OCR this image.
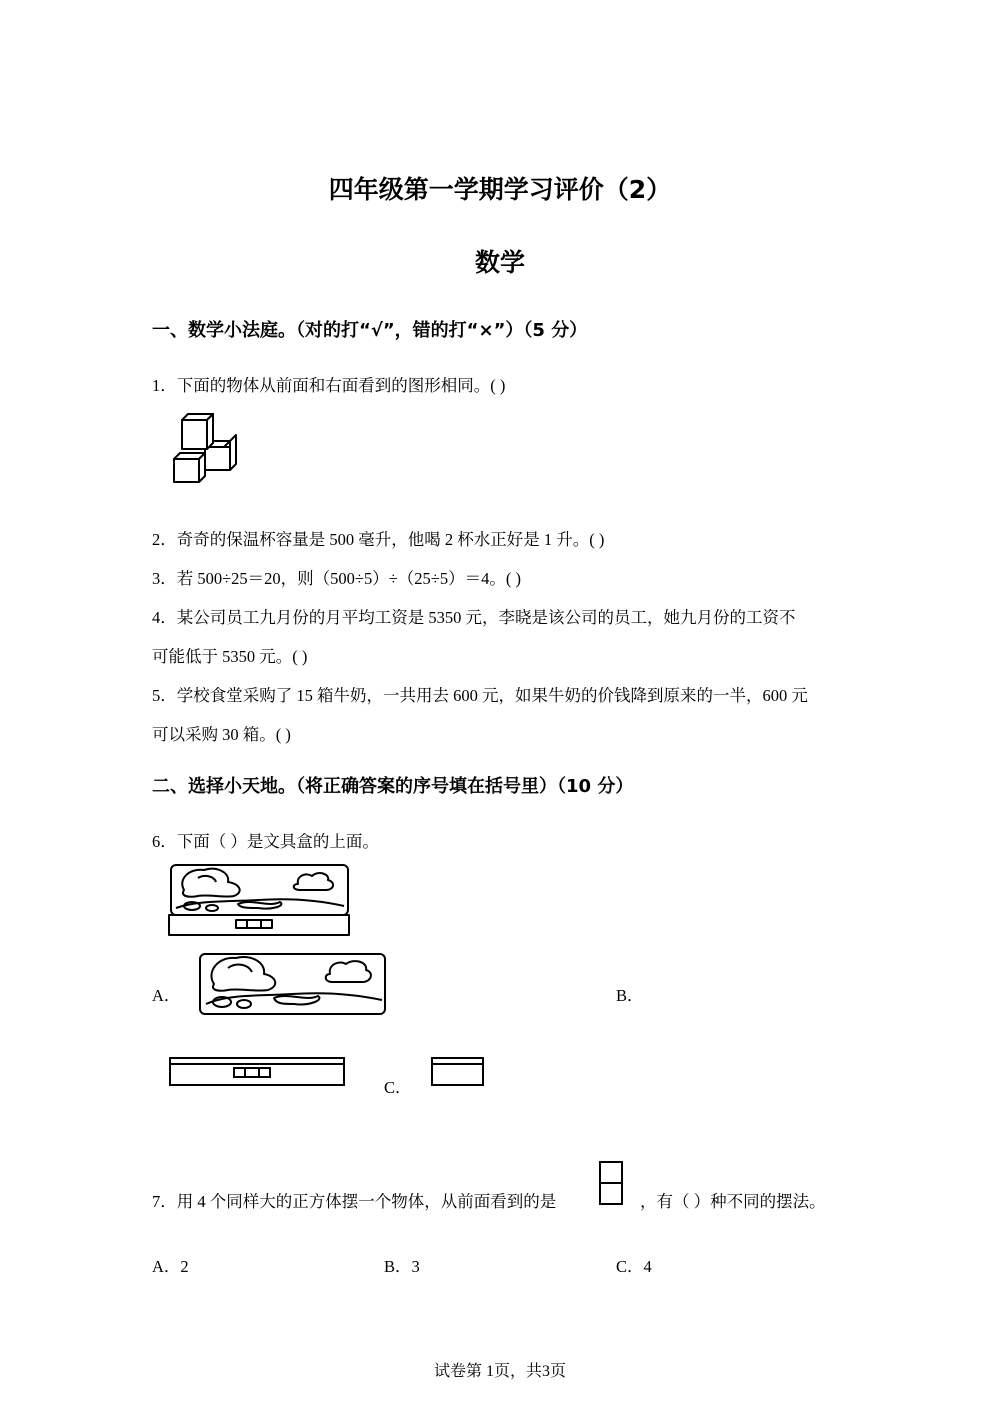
四年级第一学期学习评价（2）
数学
一、数学小法庭。（对的打“√”，错的打“×”）（5 分）
1．下面的物体从前面和右面看到的图形相同。( )
2．奇奇的保温杯容量是 500 毫升，他喝 2 杯水正好是 1 升。( )
3．若 500÷25＝20，则（500÷5）÷（25÷5）＝4。( )
4．某公司员工九月份的月平均工资是 5350 元，李晓是该公司的员工，她九月份的工资不
可能低于 5350 元。( )
5．学校食堂采购了 15 箱牛奶，一共用去 600 元，如果牛奶的价钱降到原来的一半，600 元
可以采购 30 箱。( )
二、选择小天地。（将正确答案的序号填在括号里）（10 分）
6．下面（ ）是文具盒的上面。
A．	B．
C．
7．用 4 个同样大的正方体摆一个物体，从前面看到的是	，有（ ）种不同的摆法。
A．2	B．3	C．4
试卷第 1页，共3页
